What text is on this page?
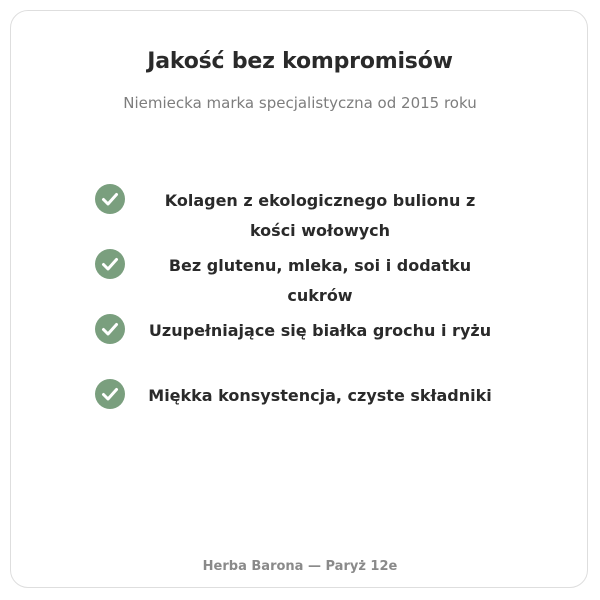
Jakość bez kompromisów
Niemiecka marka specjalistyczna od 2015 roku
Kolagen z ekologicznego bulionu z kości wołowych
Bez glutenu, mleka, soi i dodatku cukrów
Uzupełniające się białka grochu i ryżu
Miękka konsystencja, czyste składniki
Herba Barona — Paryż 12e
